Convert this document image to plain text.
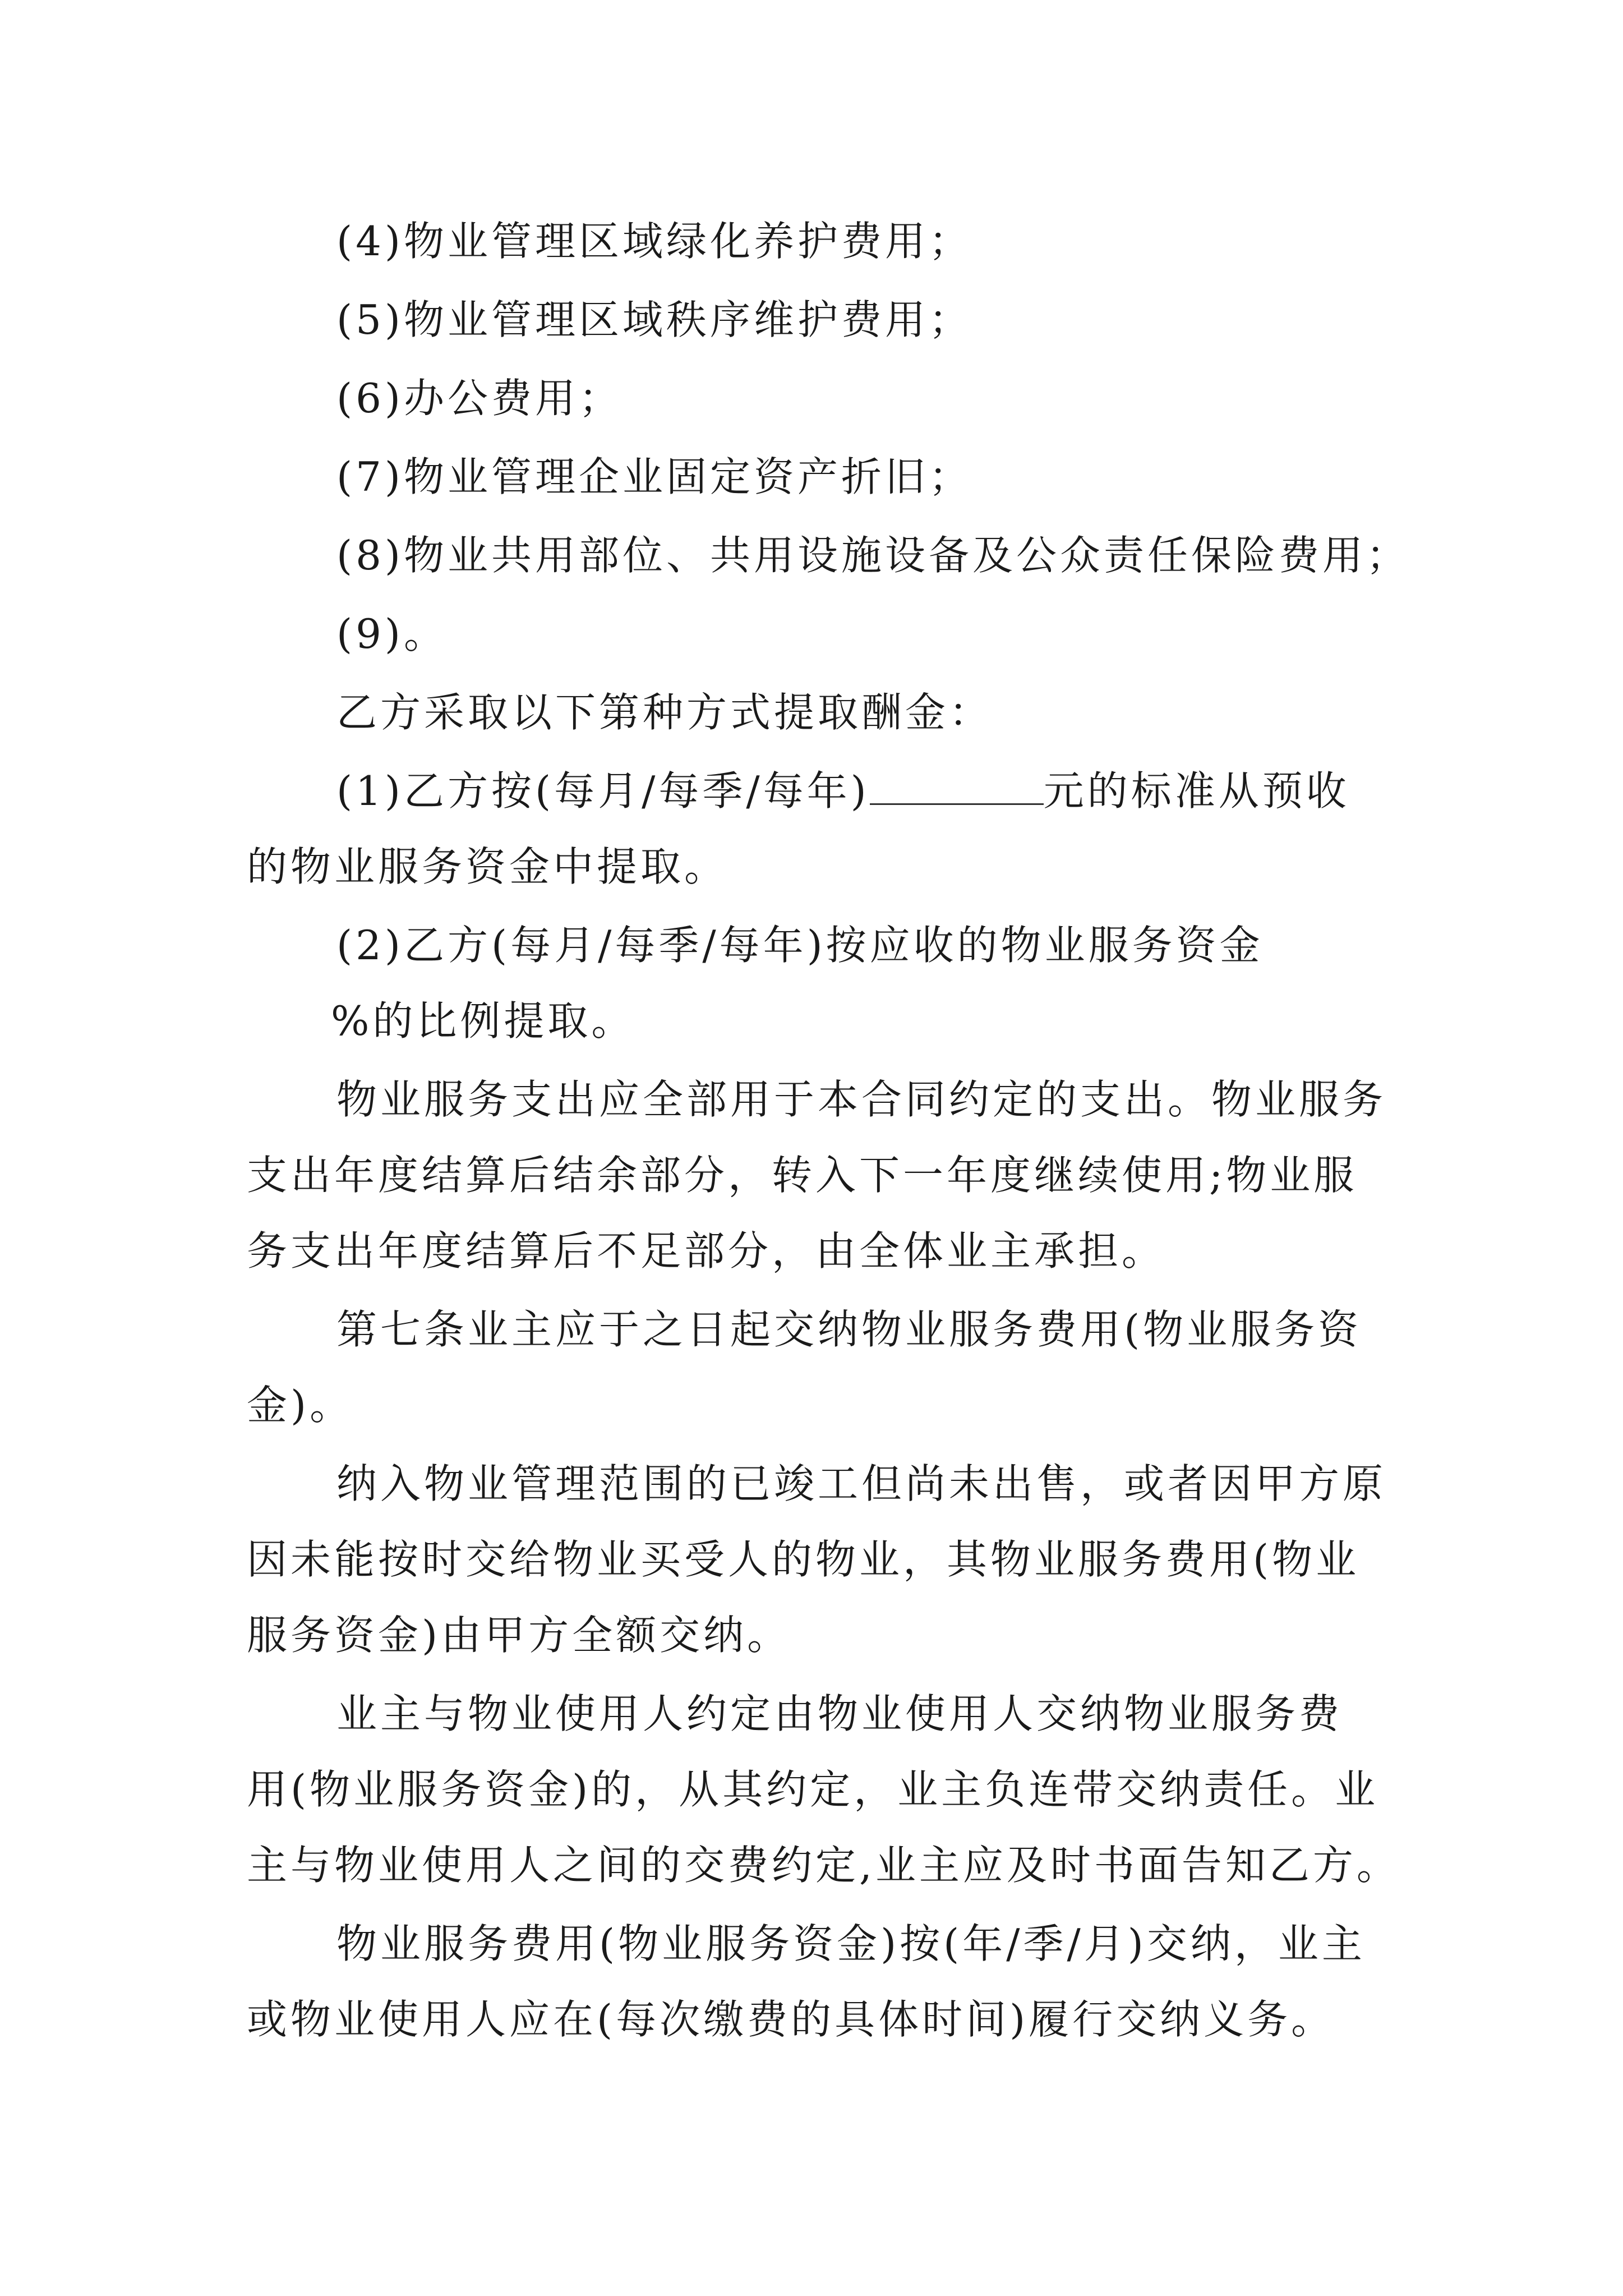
(4)物业管理区域绿化养护费用；
(5)物业管理区域秩序维护费用；
(6)办公费用；
(7)物业管理企业固定资产折旧；
(8)物业共用部位、共用设施设备及公众责任保险费用；
(9)。
乙方采取以下第种方式提取酬金：
(1)乙方按(每月/每季/每年)	元的标准从预收
的物业服务资金中提取。
(2)乙方(每月/每季/每年)按应收的物业服务资金
%的比例提取。
物业服务支出应全部用于本合同约定的支出。物业服务
支出年度结算后结余部分，转入下一年度继续使用;物业服
务支出年度结算后不足部分，由全体业主承担。
第七条业主应于之日起交纳物业服务费用(物业服务资
金)。
纳入物业管理范围的已竣工但尚未出售，或者因甲方原
因未能按时交给物业买受人的物业，其物业服务费用(物业
服务资金)由甲方全额交纳。
业主与物业使用人约定由物业使用人交纳物业服务费
用(物业服务资金)的，从其约定，业主负连带交纳责任。业
主与物业使用人之间的交费约定,业主应及时书面告知乙方。
物业服务费用(物业服务资金)按(年/季/月)交纳，业主
或物业使用人应在(每次缴费的具体时间)履行交纳义务。
